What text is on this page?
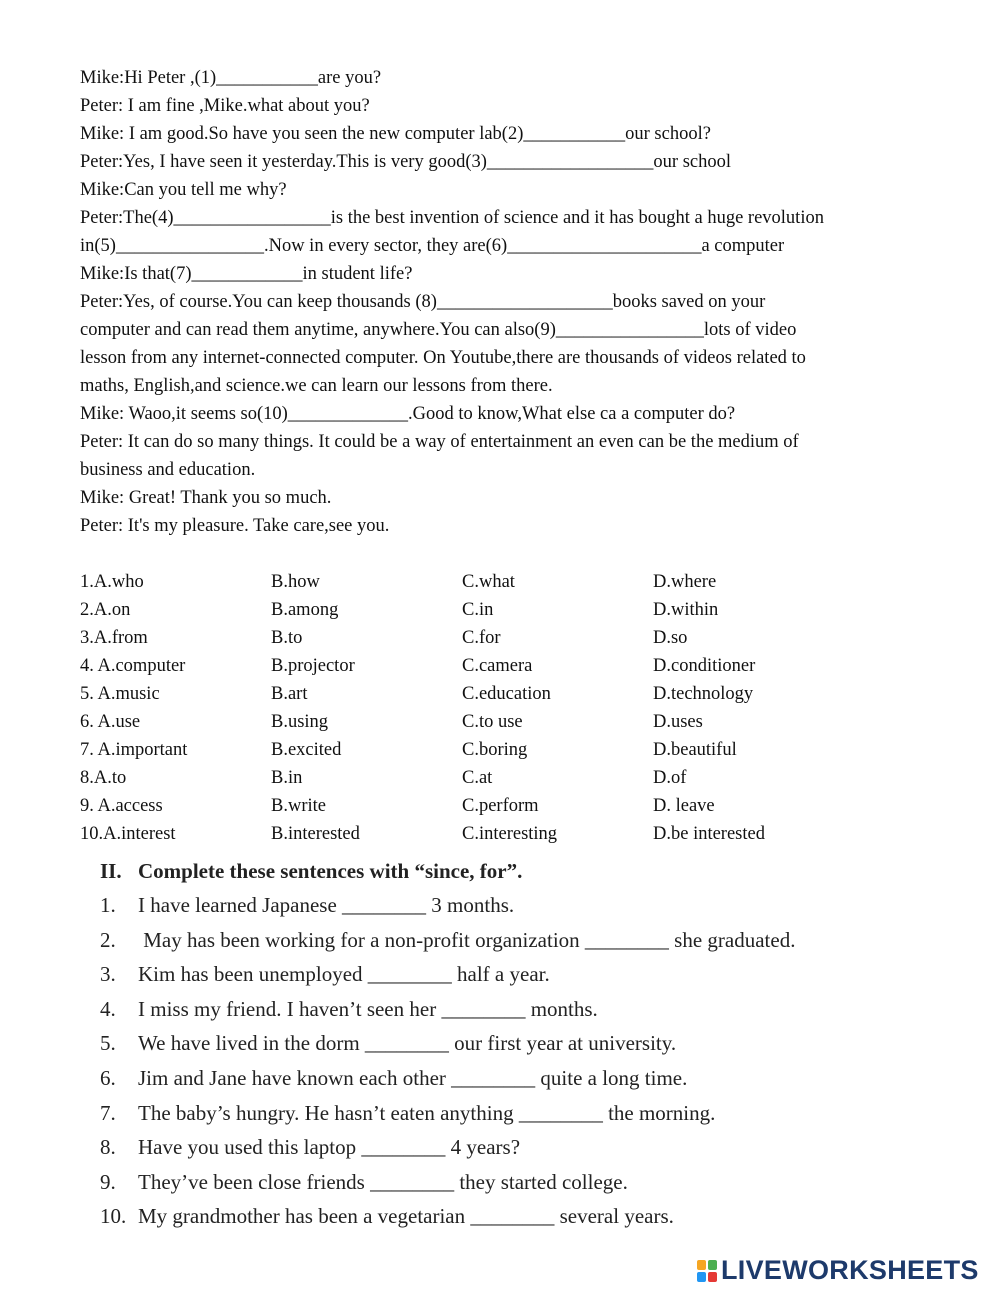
Mike:Hi Peter ,(1)___________are you?
Peter: I am fine ,Mike.what about you?
Mike: I am good.So have you seen the new computer lab(2)___________our school?
Peter:Yes, I have seen it yesterday.This is very good(3)__________________our school
Mike:Can you tell me why?
Peter:The(4)_________________is the best invention of science and it has bought a huge revolution
in(5)________________.Now in every sector, they are(6)_____________________a computer
Mike:Is that(7)____________in student life?
Peter:Yes, of course.You can keep thousands (8)___________________books saved on your
computer and can read them anytime, anywhere.You can also(9)________________lots of video
lesson from any internet-connected computer. On Youtube,there are thousands of videos related to
maths, English,and science.we can learn our lessons from there.
Mike: Waoo,it seems so(10)_____________.Good to know,What else ca a computer do?
Peter: It can do so many things. It could be a way of entertainment an even can be the medium of
business and education.
Mike: Great! Thank you so much.
Peter: It's my pleasure. Take care,see you.
1.A.who	B.how	C.what	D.where
2.A.on	B.among	C.in	D.within
3.A.from	B.to	C.for	D.so
4. A.computer	B.projector	C.camera	D.conditioner
5. A.music	B.art	C.education	D.technology
6. A.use	B.using	C.to use	D.uses
7. A.important	B.excited	C.boring	D.beautiful
8.A.to	B.in	C.at	D.of
9. A.access	B.write	C.perform	D. leave
10.A.interest	B.interested	C.interesting	D.be interested
II. Complete these sentences with “since, for”.
1. I have learned Japanese ________ 3 months.
2. May has been working for a non-profit organization ________ she graduated.
3. Kim has been unemployed ________ half a year.
4. I miss my friend. I haven’t seen her ________ months.
5. We have lived in the dorm ________ our first year at university.
6. Jim and Jane have known each other ________ quite a long time.
7. The baby’s hungry. He hasn’t eaten anything ________ the morning.
8. Have you used this laptop ________ 4 years?
9. They’ve been close friends ________ they started college.
10. My grandmother has been a vegetarian ________ several years.
LIVEWORKSHEETS
